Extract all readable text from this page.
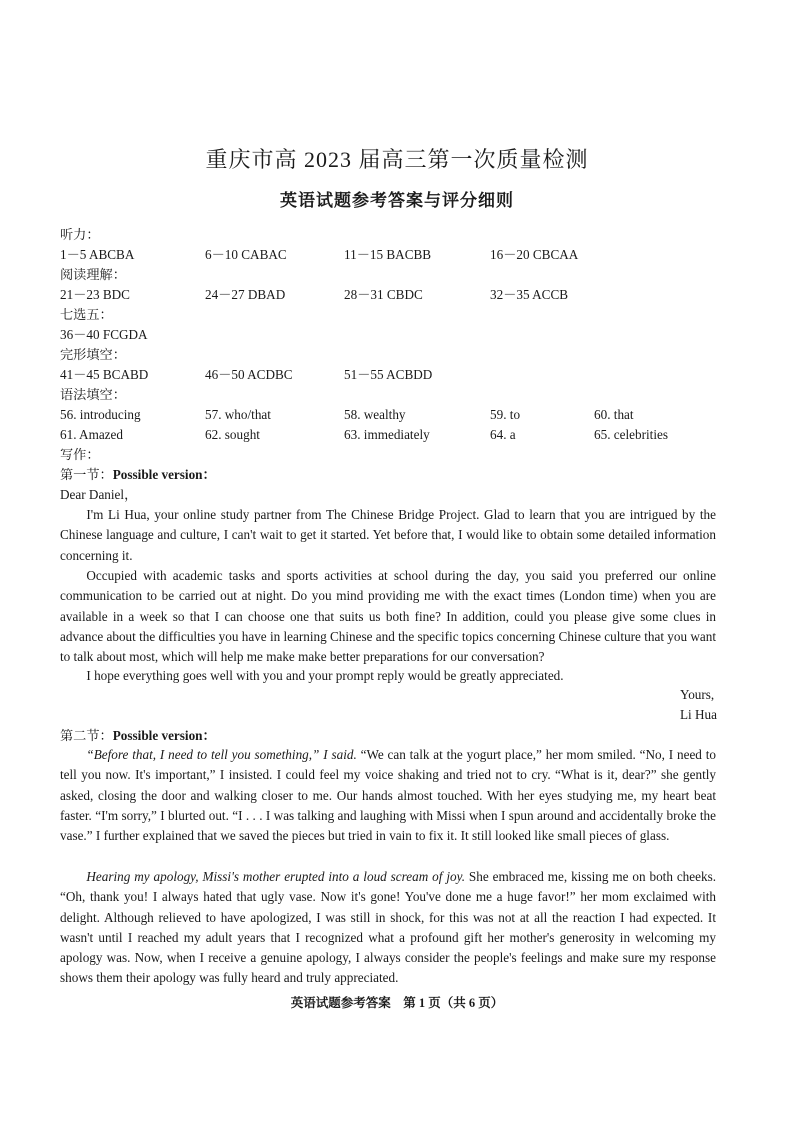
重庆市高 2023 届高三第一次质量检测
英语试题参考答案与评分细则
听力：
1－5 ABCBA	6－10 CABAC	11－15 BACBB	16－20 CBCAA
阅读理解：
21－23 BDC	24－27 DBAD	28－31 CBDC	32－35 ACCB
七选五：
36－40 FCGDA
完形填空：
41－45 BCABD	46－50 ACDBC	51－55 ACBDD
语法填空：
56. introducing	57. who/that	58. wealthy	59. to	60. that
61. Amazed	62. sought	63. immediately	64. a	65. celebrities
写作：
第一节：Possible version：
Dear Daniel，
I'm Li Hua, your online study partner from The Chinese Bridge Project. Glad to learn that you are intrigued by the Chinese language and culture, I can't wait to get it started. Yet before that, I would like to obtain some detailed information concerning it.
Occupied with academic tasks and sports activities at school during the day, you said you preferred our online communication to be carried out at night. Do you mind providing me with the exact times (London time) when you are available in a week so that I can choose one that suits us both fine? In addition, could you please give some clues in advance about the difficulties you have in learning Chinese and the specific topics concerning Chinese culture that you want to talk about most, which will help me make make better preparations for our conversation?
I hope everything goes well with you and your prompt reply would be greatly appreciated.
Yours,
Li Hua
第二节：Possible version：
“Before that, I need to tell you something,” I said. “We can talk at the yogurt place,” her mom smiled. “No, I need to tell you now. It's important,” I insisted. I could feel my voice shaking and tried not to cry. “What is it, dear?” she gently asked, closing the door and walking closer to me. Our hands almost touched. With her eyes studying me, my heart beat faster. “I'm sorry,” I blurted out. “I . . . I was talking and laughing with Missi when I spun around and accidentally broke the vase.” I further explained that we saved the pieces but tried in vain to fix it. It still looked like small pieces of glass.
Hearing my apology, Missi's mother erupted into a loud scream of joy. She embraced me, kissing me on both cheeks. “Oh, thank you! I always hated that ugly vase. Now it's gone! You've done me a huge favor!” her mom exclaimed with delight. Although relieved to have apologized, I was still in shock, for this was not at all the reaction I had expected. It wasn't until I reached my adult years that I recognized what a profound gift her mother's generosity in welcoming my apology was. Now, when I receive a genuine apology, I always consider the people's feelings and make sure my response shows them their apology was fully heard and truly appreciated.
英语试题参考答案　第 1 页（共 6 页）
